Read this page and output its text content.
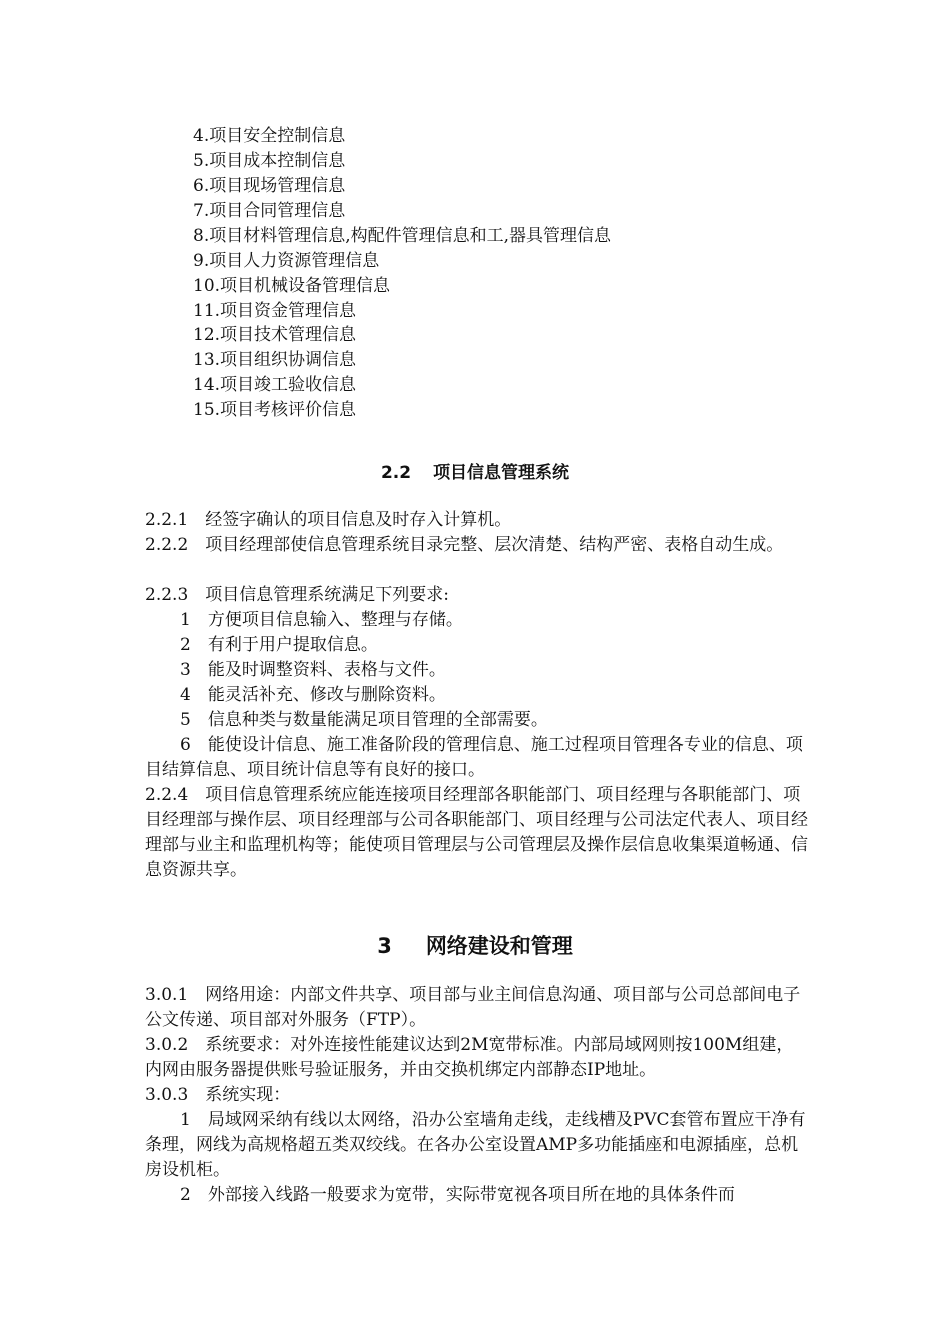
4.项目安全控制信息
5.项目成本控制信息
6.项目现场管理信息
7.项目合同管理信息
8.项目材料管理信息,构配件管理信息和工,器具管理信息
9.项目人力资源管理信息
10.项目机械设备管理信息
11.项目资金管理信息
12.项目技术管理信息
13.项目组织协调信息
14.项目竣工验收信息
15.项目考核评价信息
2.2 项目信息管理系统
2.2.1　经签字确认的项目信息及时存入计算机。
2.2.2　项目经理部使信息管理系统目录完整、层次清楚、结构严密、表格自动生成。
2.2.3　项目信息管理系统满足下列要求:
1　方便项目信息输入、整理与存储。
2　有利于用户提取信息。
3　能及时调整资料、表格与文件。
4　能灵活补充、修改与删除资料。
5　信息种类与数量能满足项目管理的全部需要。
6　能使设计信息、施工准备阶段的管理信息、施工过程项目管理各专业的信息、项目结算信息、项目统计信息等有良好的接口。
2.2.4　项目信息管理系统应能连接项目经理部各职能部门、项目经理与各职能部门、项目经理部与操作层、项目经理部与公司各职能部门、项目经理与公司法定代表人、项目经理部与业主和监理机构等；能使项目管理层与公司管理层及操作层信息收集渠道畅通、信息资源共享。
3 网络建设和管理
3.0.1　网络用途：内部文件共享、项目部与业主间信息沟通、项目部与公司总部间电子公文传递、项目部对外服务（FTP）。
3.0.2　系统要求：对外连接性能建议达到2M宽带标准。内部局域网则按100M组建，内网由服务器提供账号验证服务，并由交换机绑定内部静态IP地址。
3.0.3　系统实现：
1　局域网采纳有线以太网络，沿办公室墙角走线，走线槽及PVC套管布置应干净有条理，网线为高规格超五类双绞线。在各办公室设置AMP多功能插座和电源插座，总机房设机柜。
2　外部接入线路一般要求为宽带，实际带宽视各项目所在地的具体条件而
